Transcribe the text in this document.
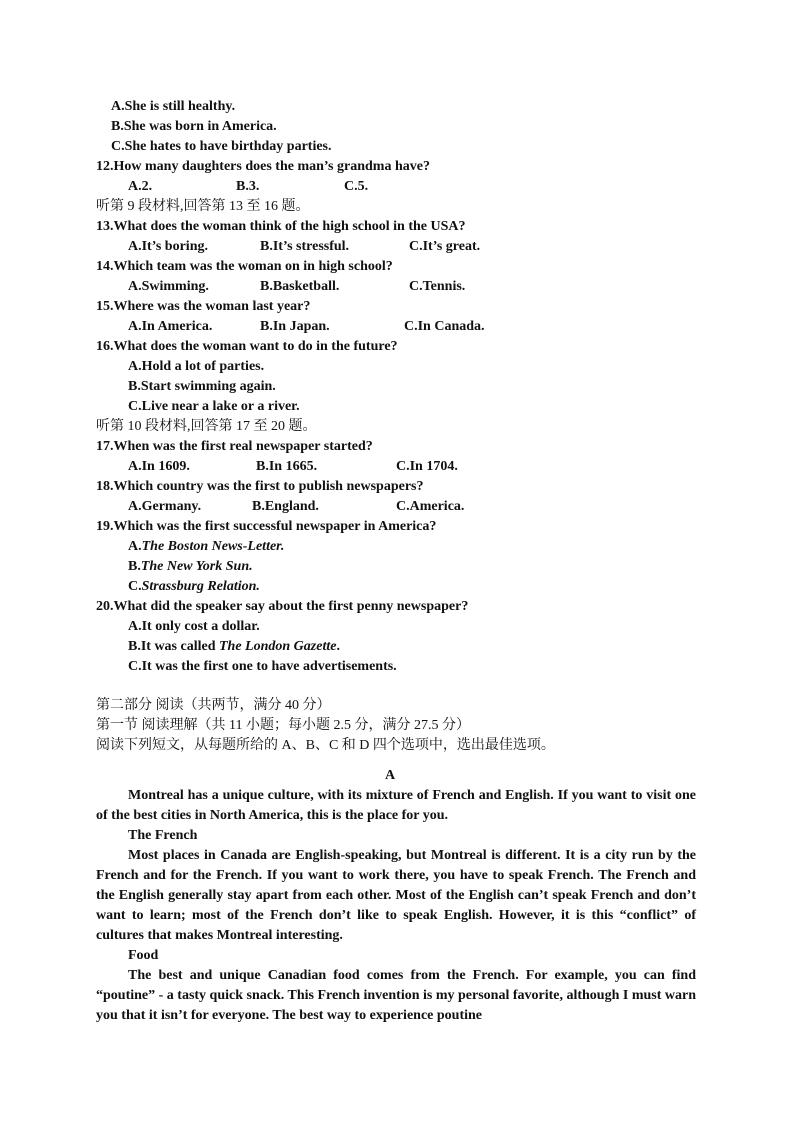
A.She is still healthy.
B.She was born in America.
C.She hates to have birthday parties.
12.How many daughters does the man’s grandma have?
A.2.	B.3.	C.5.
听第 9 段材料,回答第 13 至 16 题。
13.What does the woman think of the high school in the USA?
A.It’s boring.	B.It’s stressful.	C.It’s great.
14.Which team was the woman on in high school?
A.Swimming.	B.Basketball.	C.Tennis.
15.Where was the woman last year?
A.In America.	B.In Japan.	C.In Canada.
16.What does the woman want to do in the future?
A.Hold a lot of parties.
B.Start swimming again.
C.Live near a lake or a river.
听第 10 段材料,回答第 17 至 20 题。
17.When was the first real newspaper started?
A.In 1609.	B.In 1665.	C.In 1704.
18.Which country was the first to publish newspapers?
A.Germany.	B.England.	C.America.
19.Which was the first successful newspaper in America?
A.The Boston News-Letter.
B.The New York Sun.
C.Strassburg Relation.
20.What did the speaker say about the first penny newspaper?
A.It only cost a dollar.
B.It was called The London Gazette.
C.It was the first one to have advertisements.
第二部分 阅读（共两节，满分 40 分）
第一节 阅读理解（共 11 小题；每小题 2.5 分，满分 27.5 分）
阅读下列短文，从每题所给的 A、B、C 和 D 四个选项中，选出最佳选项。
A
Montreal has a unique culture, with its mixture of French and English. If you want to visit one of the best cities in North America, this is the place for you.
The French
Most places in Canada are English-speaking, but Montreal is different. It is a city run by the French and for the French. If you want to work there, you have to speak French. The French and the English generally stay apart from each other. Most of the English can’t speak French and don’t want to learn; most of the French don’t like to speak English. However, it is this “conflict” of cultures that makes Montreal interesting.
Food
The best and unique Canadian food comes from the French. For example, you can find “poutine” - a tasty quick snack. This French invention is my personal favorite, although I must warn you that it isn’t for everyone. The best way to experience poutine
